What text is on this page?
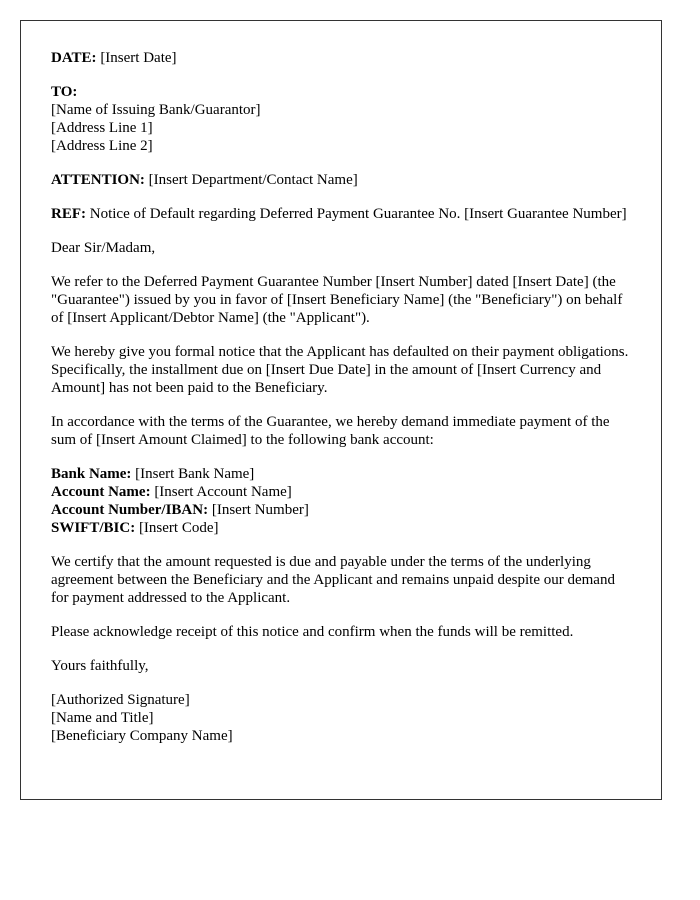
DATE: [Insert Date]

TO:
[Name of Issuing Bank/Guarantor]
[Address Line 1]
[Address Line 2]

ATTENTION: [Insert Department/Contact Name]

REF: Notice of Default regarding Deferred Payment Guarantee No. [Insert Guarantee Number]

Dear Sir/Madam,

We refer to the Deferred Payment Guarantee Number [Insert Number] dated [Insert Date] (the "Guarantee") issued by you in favor of [Insert Beneficiary Name] (the "Beneficiary") on behalf of [Insert Applicant/Debtor Name] (the "Applicant").

We hereby give you formal notice that the Applicant has defaulted on their payment obligations. Specifically, the installment due on [Insert Due Date] in the amount of [Insert Currency and Amount] has not been paid to the Beneficiary.

In accordance with the terms of the Guarantee, we hereby demand immediate payment of the sum of [Insert Amount Claimed] to the following bank account:

Bank Name: [Insert Bank Name]
Account Name: [Insert Account Name]
Account Number/IBAN: [Insert Number]
SWIFT/BIC: [Insert Code]

We certify that the amount requested is due and payable under the terms of the underlying agreement between the Beneficiary and the Applicant and remains unpaid despite our demand for payment addressed to the Applicant.

Please acknowledge receipt of this notice and confirm when the funds will be remitted.

Yours faithfully,

[Authorized Signature]
[Name and Title]
[Beneficiary Company Name]
